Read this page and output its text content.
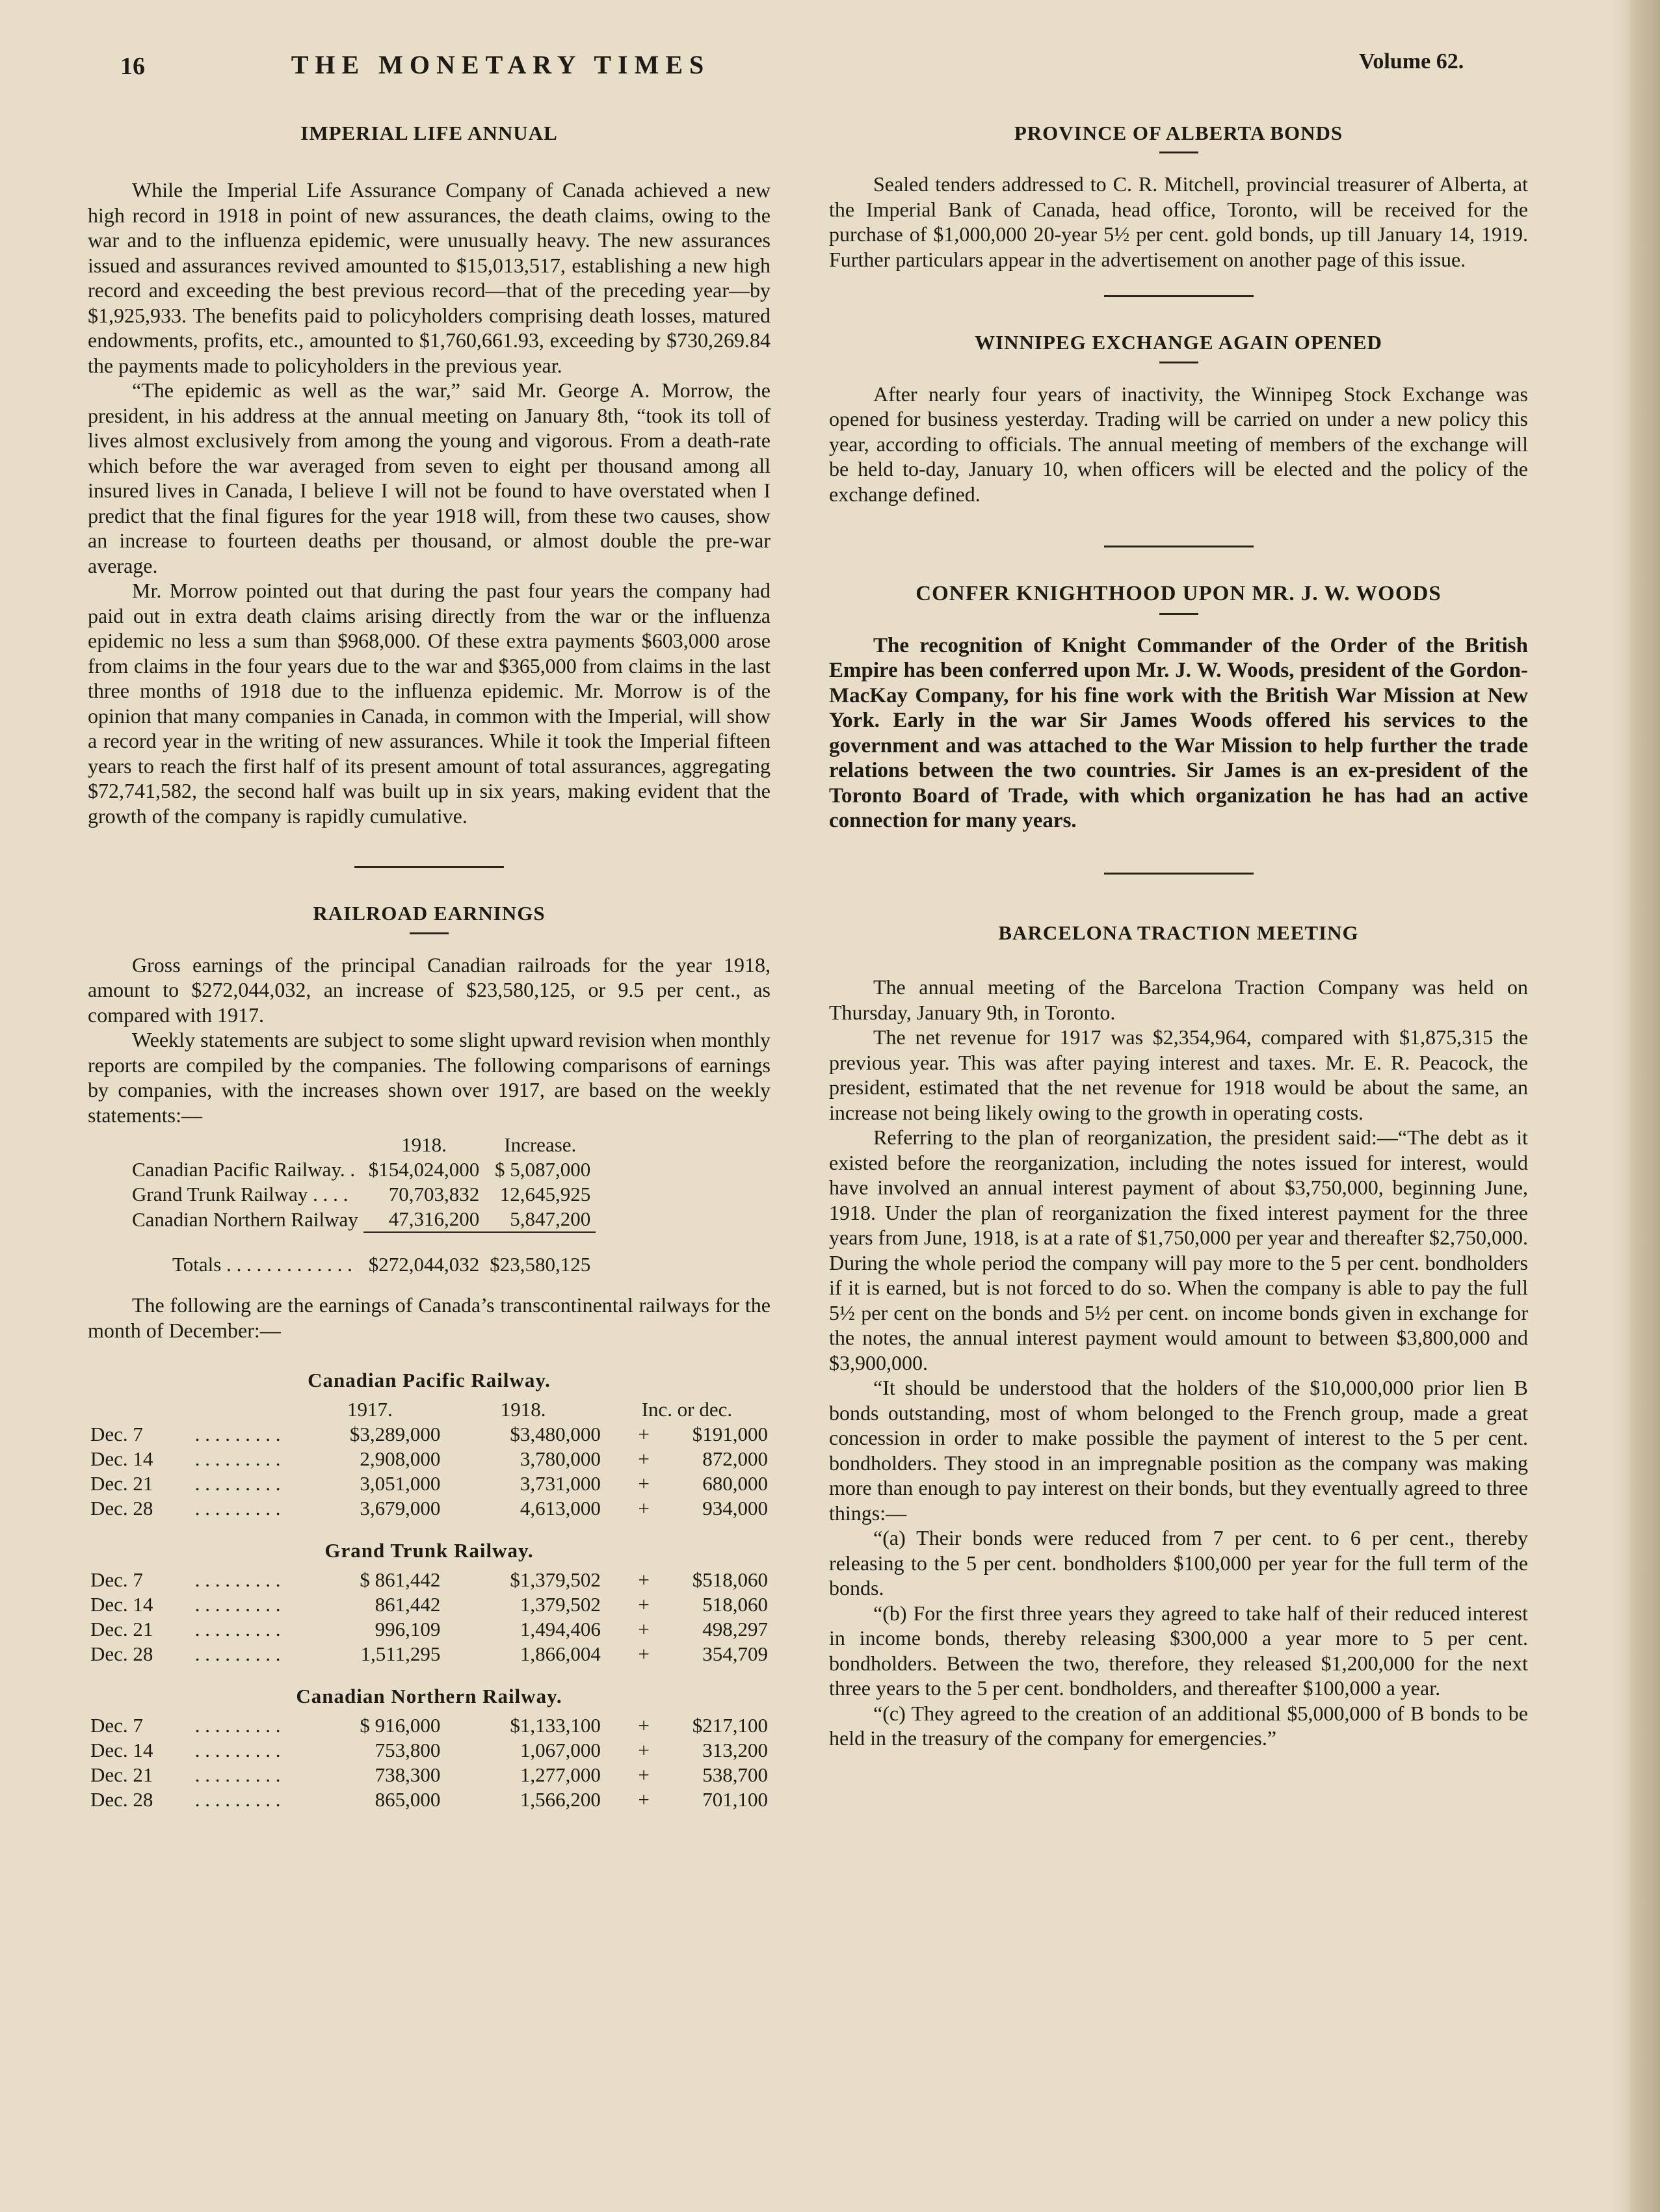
16	THE MONETARY TIMES	Volume 62.
IMPERIAL LIFE ANNUAL

While the Imperial Life Assurance Company of Canada achieved a new high record in 1918 in point of new assurances, the death claims, owing to the war and to the influenza epidemic, were unusually heavy. The new assurances issued and assurances revived amounted to $15,013,517, establishing a new high record and exceeding the best previous record—that of the preceding year—by $1,925,933. The benefits paid to policyholders comprising death losses, matured endowments, profits, etc., amounted to $1,760,661.93, exceeding by $730,269.84 the payments made to policyholders in the previous year.

“The epidemic as well as the war,” said Mr. George A. Morrow, the president, in his address at the annual meeting on January 8th, “took its toll of lives almost exclusively from among the young and vigorous. From a death-rate which before the war averaged from seven to eight per thousand among all insured lives in Canada, I believe I will not be found to have overstated when I predict that the final figures for the year 1918 will, from these two causes, show an increase to fourteen deaths per thousand, or almost double the pre-war average.

Mr. Morrow pointed out that during the past four years the company had paid out in extra death claims arising directly from the war or the influenza epidemic no less a sum than $968,000. Of these extra payments $603,000 arose from claims in the four years due to the war and $365,000 from claims in the last three months of 1918 due to the influenza epidemic. Mr. Morrow is of the opinion that many companies in Canada, in common with the Imperial, will show a record year in the writing of new assurances. While it took the Imperial fifteen years to reach the first half of its present amount of total assurances, aggregating $72,741,582, the second half was built up in six years, making evident that the growth of the company is rapidly cumulative.

RAILROAD EARNINGS

Gross earnings of the principal Canadian railroads for the year 1918, amount to $272,044,032, an increase of $23,580,125, or 9.5 per cent., as compared with 1917.

Weekly statements are subject to some slight upward revision when monthly reports are compiled by the companies. The following comparisons of earnings by companies, with the increases shown over 1917, are based on the weekly statements:—

	1918.	Increase.
Canadian Pacific Railway. .	$154,024,000	$ 5,087,000
Grand Trunk Railway . . . .	70,703,832	12,645,925
Canadian Northern Railway	47,316,200	5,847,200
Totals . . . . . . . . . . . . .	$272,044,032	$23,580,125

The following are the earnings of Canada’s transcontinental railways for the month of December:—

Canadian Pacific Railway.
		1917.	1918.	Inc. or dec.	
Dec. 7	. . . . . . . . .	$3,289,000	$3,480,000	+	$191,000
Dec. 14	. . . . . . . . .	2,908,000	3,780,000	+	872,000
Dec. 21	. . . . . . . . .	3,051,000	3,731,000	+	680,000
Dec. 28	. . . . . . . . .	3,679,000	4,613,000	+	934,000
Grand Trunk Railway.
Dec. 7	. . . . . . . . .	$ 861,442	$1,379,502	+	$518,060
Dec. 14	. . . . . . . . .	861,442	1,379,502	+	518,060
Dec. 21	. . . . . . . . .	996,109	1,494,406	+	498,297
Dec. 28	. . . . . . . . .	1,511,295	1,866,004	+	354,709
Canadian Northern Railway.
Dec. 7	. . . . . . . . .	$ 916,000	$1,133,100	+	$217,100
Dec. 14	. . . . . . . . .	753,800	1,067,000	+	313,200
Dec. 21	. . . . . . . . .	738,300	1,277,000	+	538,700
Dec. 28	. . . . . . . . .	865,000	1,566,200	+	701,100
PROVINCE OF ALBERTA BONDS

Sealed tenders addressed to C. R. Mitchell, provincial treasurer of Alberta, at the Imperial Bank of Canada, head office, Toronto, will be received for the purchase of $1,000,000 20-year 5½ per cent. gold bonds, up till January 14, 1919. Further particulars appear in the advertisement on another page of this issue.

WINNIPEG EXCHANGE AGAIN OPENED

After nearly four years of inactivity, the Winnipeg Stock Exchange was opened for business yesterday. Trading will be carried on under a new policy this year, according to officials. The annual meeting of members of the exchange will be held to-day, January 10, when officers will be elected and the policy of the exchange defined.

CONFER KNIGHTHOOD UPON MR. J. W. WOODS

The recognition of Knight Commander of the Order of the British Empire has been conferred upon Mr. J. W. Woods, president of the Gordon-MacKay Company, for his fine work with the British War Mission at New York. Early in the war Sir James Woods offered his services to the government and was attached to the War Mission to help further the trade relations between the two countries. Sir James is an ex-president of the Toronto Board of Trade, with which organization he has had an active connection for many years.

BARCELONA TRACTION MEETING

The annual meeting of the Barcelona Traction Company was held on Thursday, January 9th, in Toronto.

The net revenue for 1917 was $2,354,964, compared with $1,875,315 the previous year. This was after paying interest and taxes. Mr. E. R. Peacock, the president, estimated that the net revenue for 1918 would be about the same, an increase not being likely owing to the growth in operating costs.

Referring to the plan of reorganization, the president said:—“The debt as it existed before the reorganization, including the notes issued for interest, would have involved an annual interest payment of about $3,750,000, beginning June, 1918. Under the plan of reorganization the fixed interest payment for the three years from June, 1918, is at a rate of $1,750,000 per year and thereafter $2,750,000. During the whole period the company will pay more to the 5 per cent. bondholders if it is earned, but is not forced to do so. When the company is able to pay the full 5½ per cent on the bonds and 5½ per cent. on income bonds given in exchange for the notes, the annual interest payment would amount to between $3,800,000 and $3,900,000.

“It should be understood that the holders of the $10,000,000 prior lien B bonds outstanding, most of whom belonged to the French group, made a great concession in order to make possible the payment of interest to the 5 per cent. bondholders. They stood in an impregnable position as the company was making more than enough to pay interest on their bonds, but they eventually agreed to three things:—

“(a) Their bonds were reduced from 7 per cent. to 6 per cent., thereby releasing to the 5 per cent. bondholders $100,000 per year for the full term of the bonds.

“(b) For the first three years they agreed to take half of their reduced interest in income bonds, thereby releasing $300,000 a year more to 5 per cent. bondholders. Between the two, therefore, they released $1,200,000 for the next three years to the 5 per cent. bondholders, and thereafter $100,000 a year.

“(c) They agreed to the creation of an additional $5,000,000 of B bonds to be held in the treasury of the company for emergencies.”
